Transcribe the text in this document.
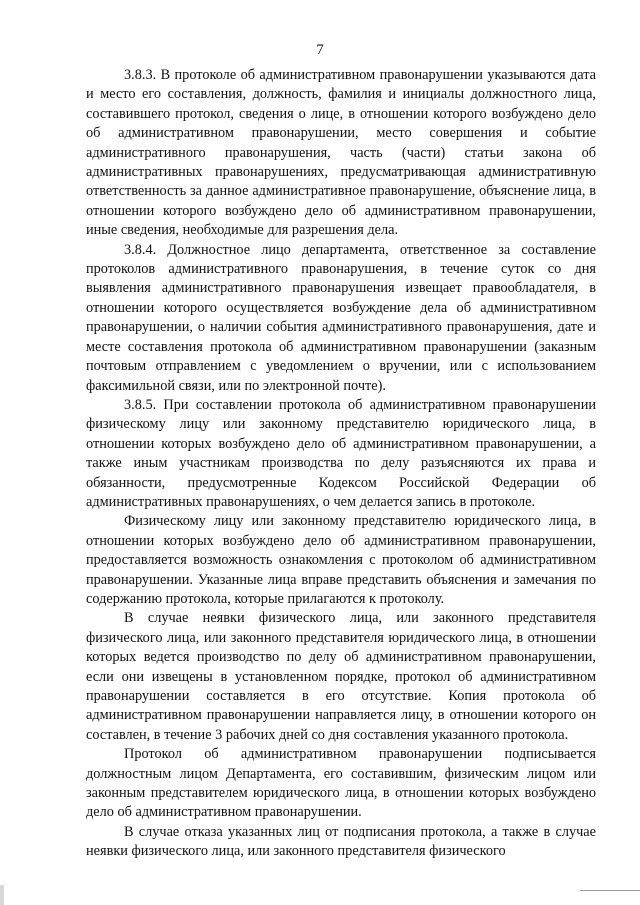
7

3.8.3. В протоколе об административном правонарушении указываются дата и место его составления, должность, фамилия и инициалы должностного лица, составившего протокол, сведения о лице, в отношении которого возбуждено дело об административном правонарушении, место совершения и событие административного правонарушения, часть (части) статьи закона об административных правонарушениях, предусматривающая административную ответственность за данное административное правонарушение, объяснение лица, в отношении которого возбуждено дело об административном правонарушении, иные сведения, необходимые для разрешения дела.

3.8.4. Должностное лицо департамента, ответственное за составление протоколов административного правонарушения, в течение суток со дня выявления административного правонарушения извещает правообладателя, в отношении которого осуществляется возбуждение дела об административном правонарушении, о наличии события административного правонарушения, дате и месте составления протокола об административном правонарушении (заказным почтовым отправлением с уведомлением о вручении, или с использованием факсимильной связи, или по электронной почте).

3.8.5. При составлении протокола об административном правонарушении физическому лицу или законному представителю юридического лица, в отношении которых возбуждено дело об административном правонарушении, а также иным участникам производства по делу разъясняются их права и обязанности, предусмотренные Кодексом Российской Федерации об административных правонарушениях, о чем делается запись в протоколе.

Физическому лицу или законному представителю юридического лица, в отношении которых возбуждено дело об административном правонарушении, предоставляется возможность ознакомления с протоколом об административном правонарушении. Указанные лица вправе представить объяснения и замечания по содержанию протокола, которые прилагаются к протоколу.

В случае неявки физического лица, или законного представителя физического лица, или законного представителя юридического лица, в отношении которых ведется производство по делу об административном правонарушении, если они извещены в установленном порядке, протокол об административном правонарушении составляется в его отсутствие. Копия протокола об административном правонарушении направляется лицу, в отношении которого он составлен, в течение 3 рабочих дней со дня составления указанного протокола.

Протокол об административном правонарушении подписывается должностным лицом Департамента, его составившим, физическим лицом или законным представителем юридического лица, в отношении которых возбуждено дело об административном правонарушении.

В случае отказа указанных лиц от подписания протокола, а также в случае неявки физического лица, или законного представителя физического
